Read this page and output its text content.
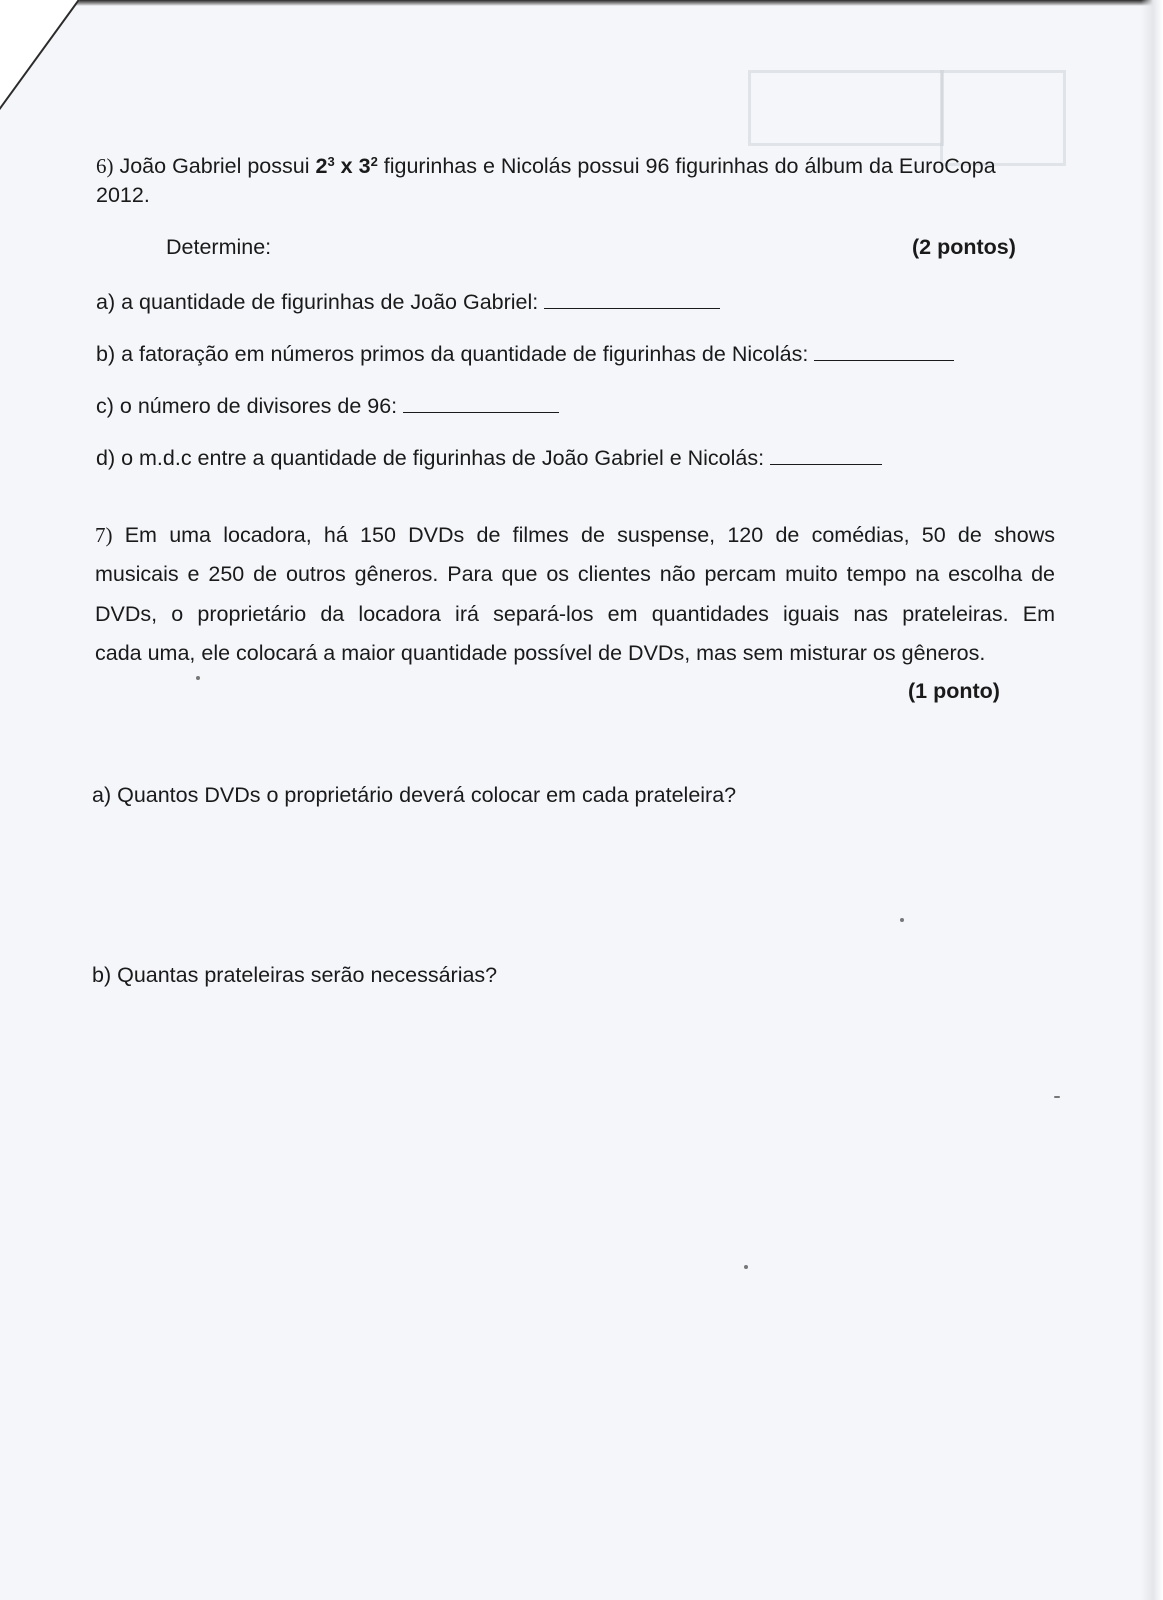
6) João Gabriel possui $2^3$ x $3^2$ figurinhas e Nicolás possui 96 figurinhas do álbum da EuroCopa
2012.
Determine:	(2 pontos)
a) a quantidade de figurinhas de João Gabriel:
b) a fatoração em números primos da quantidade de figurinhas de Nicolás:
c) o número de divisores de 96:
d) o m.d.c entre a quantidade de figurinhas de João Gabriel e Nicolás:
7) Em uma locadora, há 150 DVDs de filmes de suspense, 120 de comédias, 50 de shows
musicais e 250 de outros gêneros. Para que os clientes não percam muito tempo na escolha de
DVDs, o proprietário da locadora irá separá-los em quantidades iguais nas prateleiras. Em
cada uma, ele colocará a maior quantidade possível de DVDs, mas sem misturar os gêneros.
(1 ponto)
a) Quantos DVDs o proprietário deverá colocar em cada prateleira?
b) Quantas prateleiras serão necessárias?
